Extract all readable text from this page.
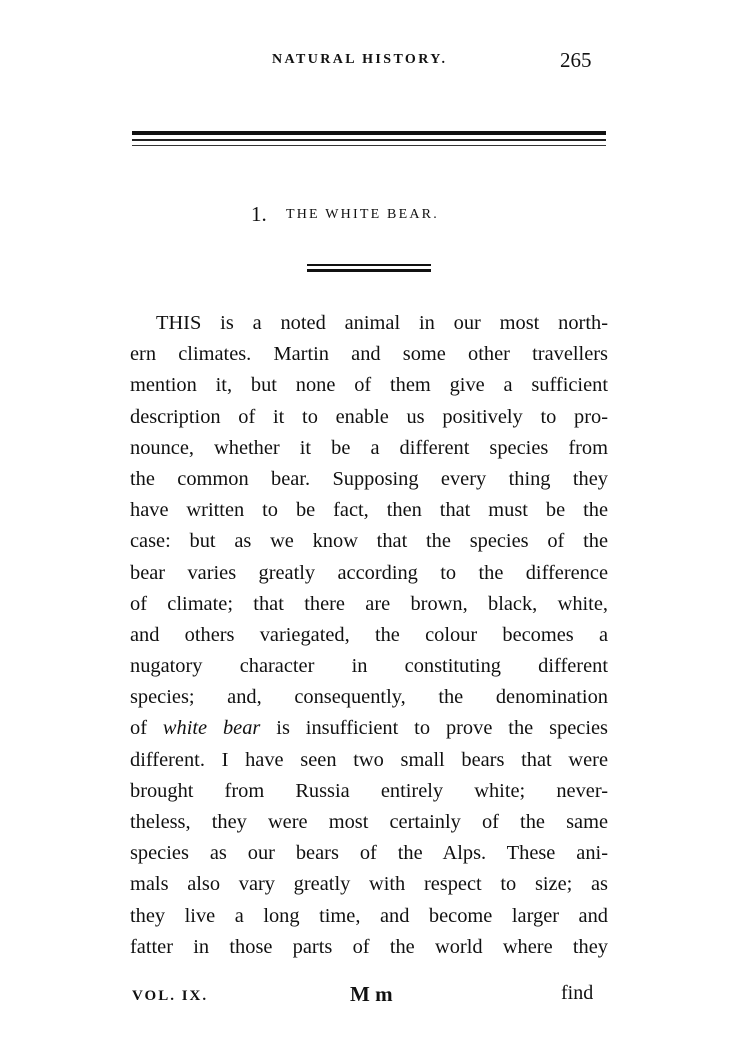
NATURAL HISTORY.	265
1. THE WHITE BEAR.
THIS is a noted animal in our most north-
ern climates. Martin and some other travellers
mention it, but none of them give a sufficient
description of it to enable us positively to pro-
nounce, whether it be a different species from
the common bear. Supposing every thing they
have written to be fact, then that must be the
case: but as we know that the species of the
bear varies greatly according to the difference
of climate; that there are brown, black, white,
and others variegated, the colour becomes a
nugatory character in constituting different
species; and, consequently, the denomination
of white bear is insufficient to prove the species
different. I have seen two small bears that were
brought from Russia entirely white; never-
theless, they were most certainly of the same
species as our bears of the Alps. These ani-
mals also vary greatly with respect to size; as
they live a long time, and become larger and
fatter in those parts of the world where they
VOL. IX.	M m	find
